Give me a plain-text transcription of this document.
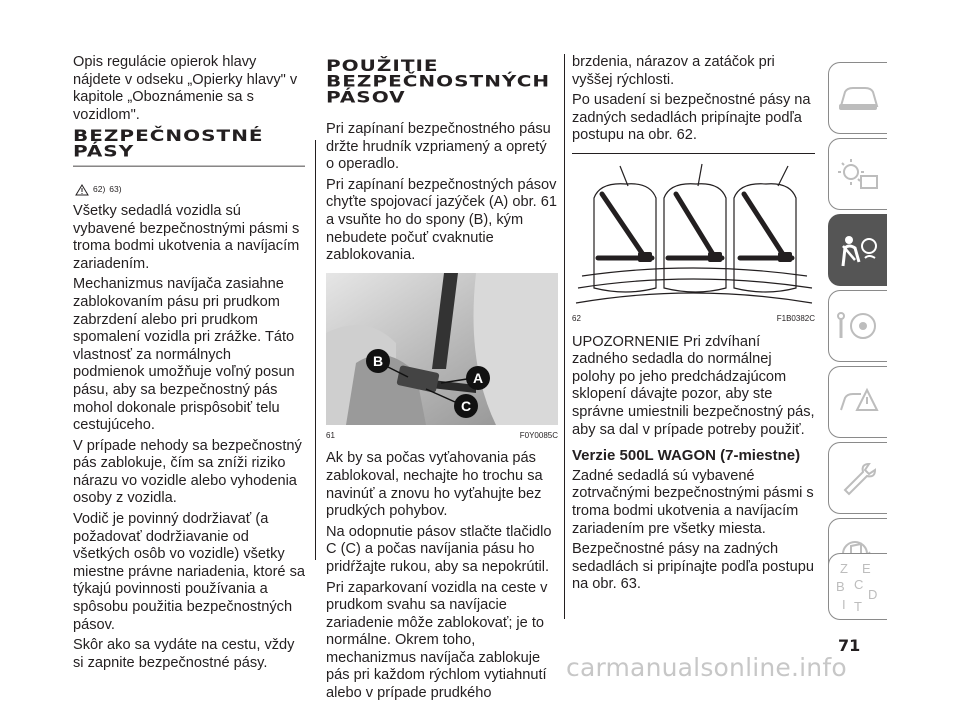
Opis regulácie opierok hlavy nájdete v odseku „Opierky hlavy" v kapitole „Oboznámenie sa s vozidlom".

BEZPEČNOSTNÉ
PÁSY
62) 63)

Všetky sedadlá vozidla sú vybavené bezpečnostnými pásmi s troma bodmi ukotvenia a navíjacím zariadením.

Mechanizmus navíjača zasiahne zablokovaním pásu pri prudkom zabrzdení alebo pri prudkom spomalení vozidla pri zrážke. Táto vlastnosť za normálnych podmienok umožňuje voľný posun pásu, aby sa bezpečnostný pás mohol dokonale prispôsobiť telu cestujúceho.

V prípade nehody sa bezpečnostný pás zablokuje, čím sa zníži riziko nárazu vo vozidle alebo vyhodenia osoby z vozidla.

Vodič je povinný dodržiavať (a požadovať dodržiavanie od všetkých osôb vo vozidle) všetky miestne právne nariadenia, ktoré sa týkajú povinnosti používania a spôsobu použitia bezpečnostných pásov.

Skôr ako sa vydáte na cestu, vždy si zapnite bezpečnostné pásy.

POUŽITIE
BEZPEČNOSTNÝCH
PÁSOV

Pri zapínaní bezpečnostného pásu držte hrudník vzpriamený a opretý o operadlo.

Pri zapínaní bezpečnostných pásov chyťte spojovací jazýček (A) obr. 61 a vsuňte ho do spony (B), kým nebudete počuť cvaknutie zablokovania.

B
A
C
61	F0Y0085C

Ak by sa počas vyťahovania pás zablokoval, nechajte ho trochu sa navinúť a znovu ho vyťahujte bez prudkých pohybov.

Na odopnutie pásov stlačte tlačidlo C (C) a počas navíjania pásu ho pridŕžajte rukou, aby sa nepokrútil.

Pri zaparkovaní vozidla na ceste v prudkom svahu sa navíjacie zariadenie môže zablokovať; je to normálne. Okrem toho, mechanizmus navíjača zablokuje pás pri každom rýchlom vytiahnutí alebo v prípade prudkého

brzdenia, nárazov a zatáčok pri vyššej rýchlosti.

Po usadení si bezpečnostné pásy na zadných sedadlách pripínajte podľa postupu na obr. 62.

62	F1B0382C

UPOZORNENIE Pri zdvíhaní zadného sedadla do normálnej polohy po jeho predchádzajúcom sklopení dávajte pozor, aby ste správne umiestnili bezpečnostný pás, aby sa dal v prípade potreby použiť.

Verzie 500L WAGON (7-miestne)

Zadné sedadlá sú vybavené zotrvačnými bezpečnostnými pásmi s troma bodmi ukotvenia a navíjacím zariadením pre všetky miesta.

Bezpečnostné pásy na zadných sedadlách si pripínajte podľa postupu na obr. 63.

Z E
B C
I T
D
71
carmanualsonline.info
